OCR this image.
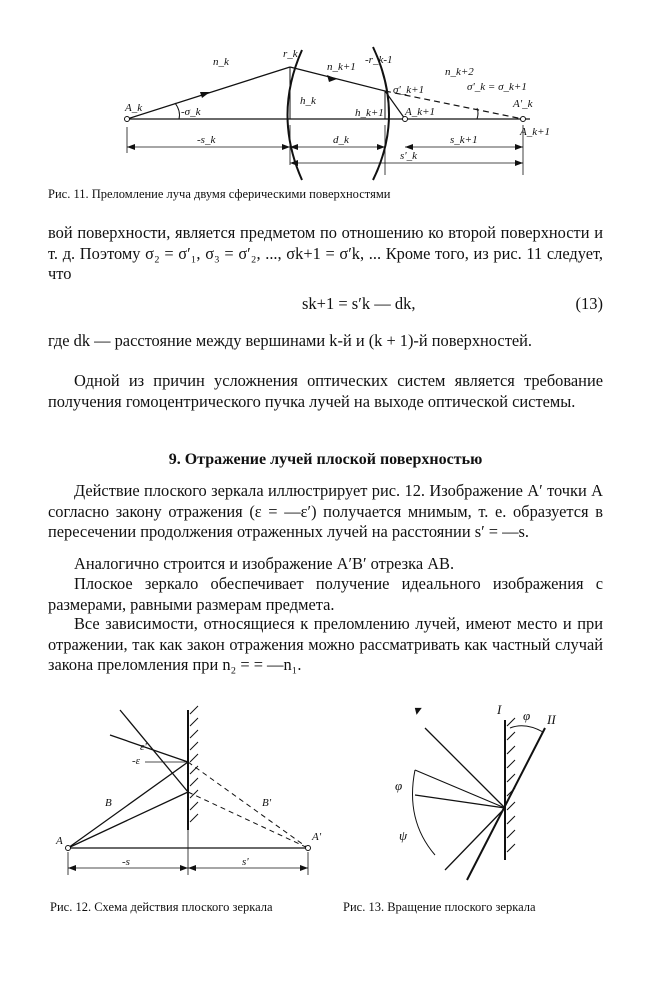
n_k
r_k
n_k+1
-r_k-1
n_k+2
A_k	-σ_k
h_k
h_k+1
σ'_k+1
A_k+1
σ'_k = σ_k+1
A'_k
A_k+1
-s_k	d_k	s_k+1
s'_k
Рис. 11. Преломление луча двумя сферическими поверхностями
вой поверхности, является предметом по отношению ко второй поверхности и т. д. Поэтому σ₂ = σ′₁, σ₃ = σ′₂, ..., σk+1 = σ′k, ... Кроме того, из рис. 11 следует, что
sk+1 = s′k — dk,	(13)
где dk — расстояние между вершинами k-й и (k + 1)-й поверхностей.
Одной из причин усложнения оптических систем является требование получения гомоцентрического пучка лучей на выходе оптической системы.
9. Отражение лучей плоской поверхностью
Действие плоского зеркала иллюстрирует рис. 12. Изображение A′ точки A согласно закону отражения (ε = —ε′) получается мнимым, т. е. образуется в пересечении продолжения отраженных лучей на расстоянии s′ = —s.
Аналогично строится и изображение A′B′ отрезка AB.
Плоское зеркало обеспечивает получение идеального изображения с размерами, равными размерам предмета.
Все зависимости, относящиеся к преломлению лучей, имеют место и при отражении, так как закон отражения можно рассматривать как частный случай закона преломления при n₂ = = —n₁.
A
B
A'
B'
ε'
-ε
-s	s'
▾	I
II
φ
φ
ψ
Рис. 12. Схема действия плоского зеркала	Рис. 13. Вращение плоского зеркала
